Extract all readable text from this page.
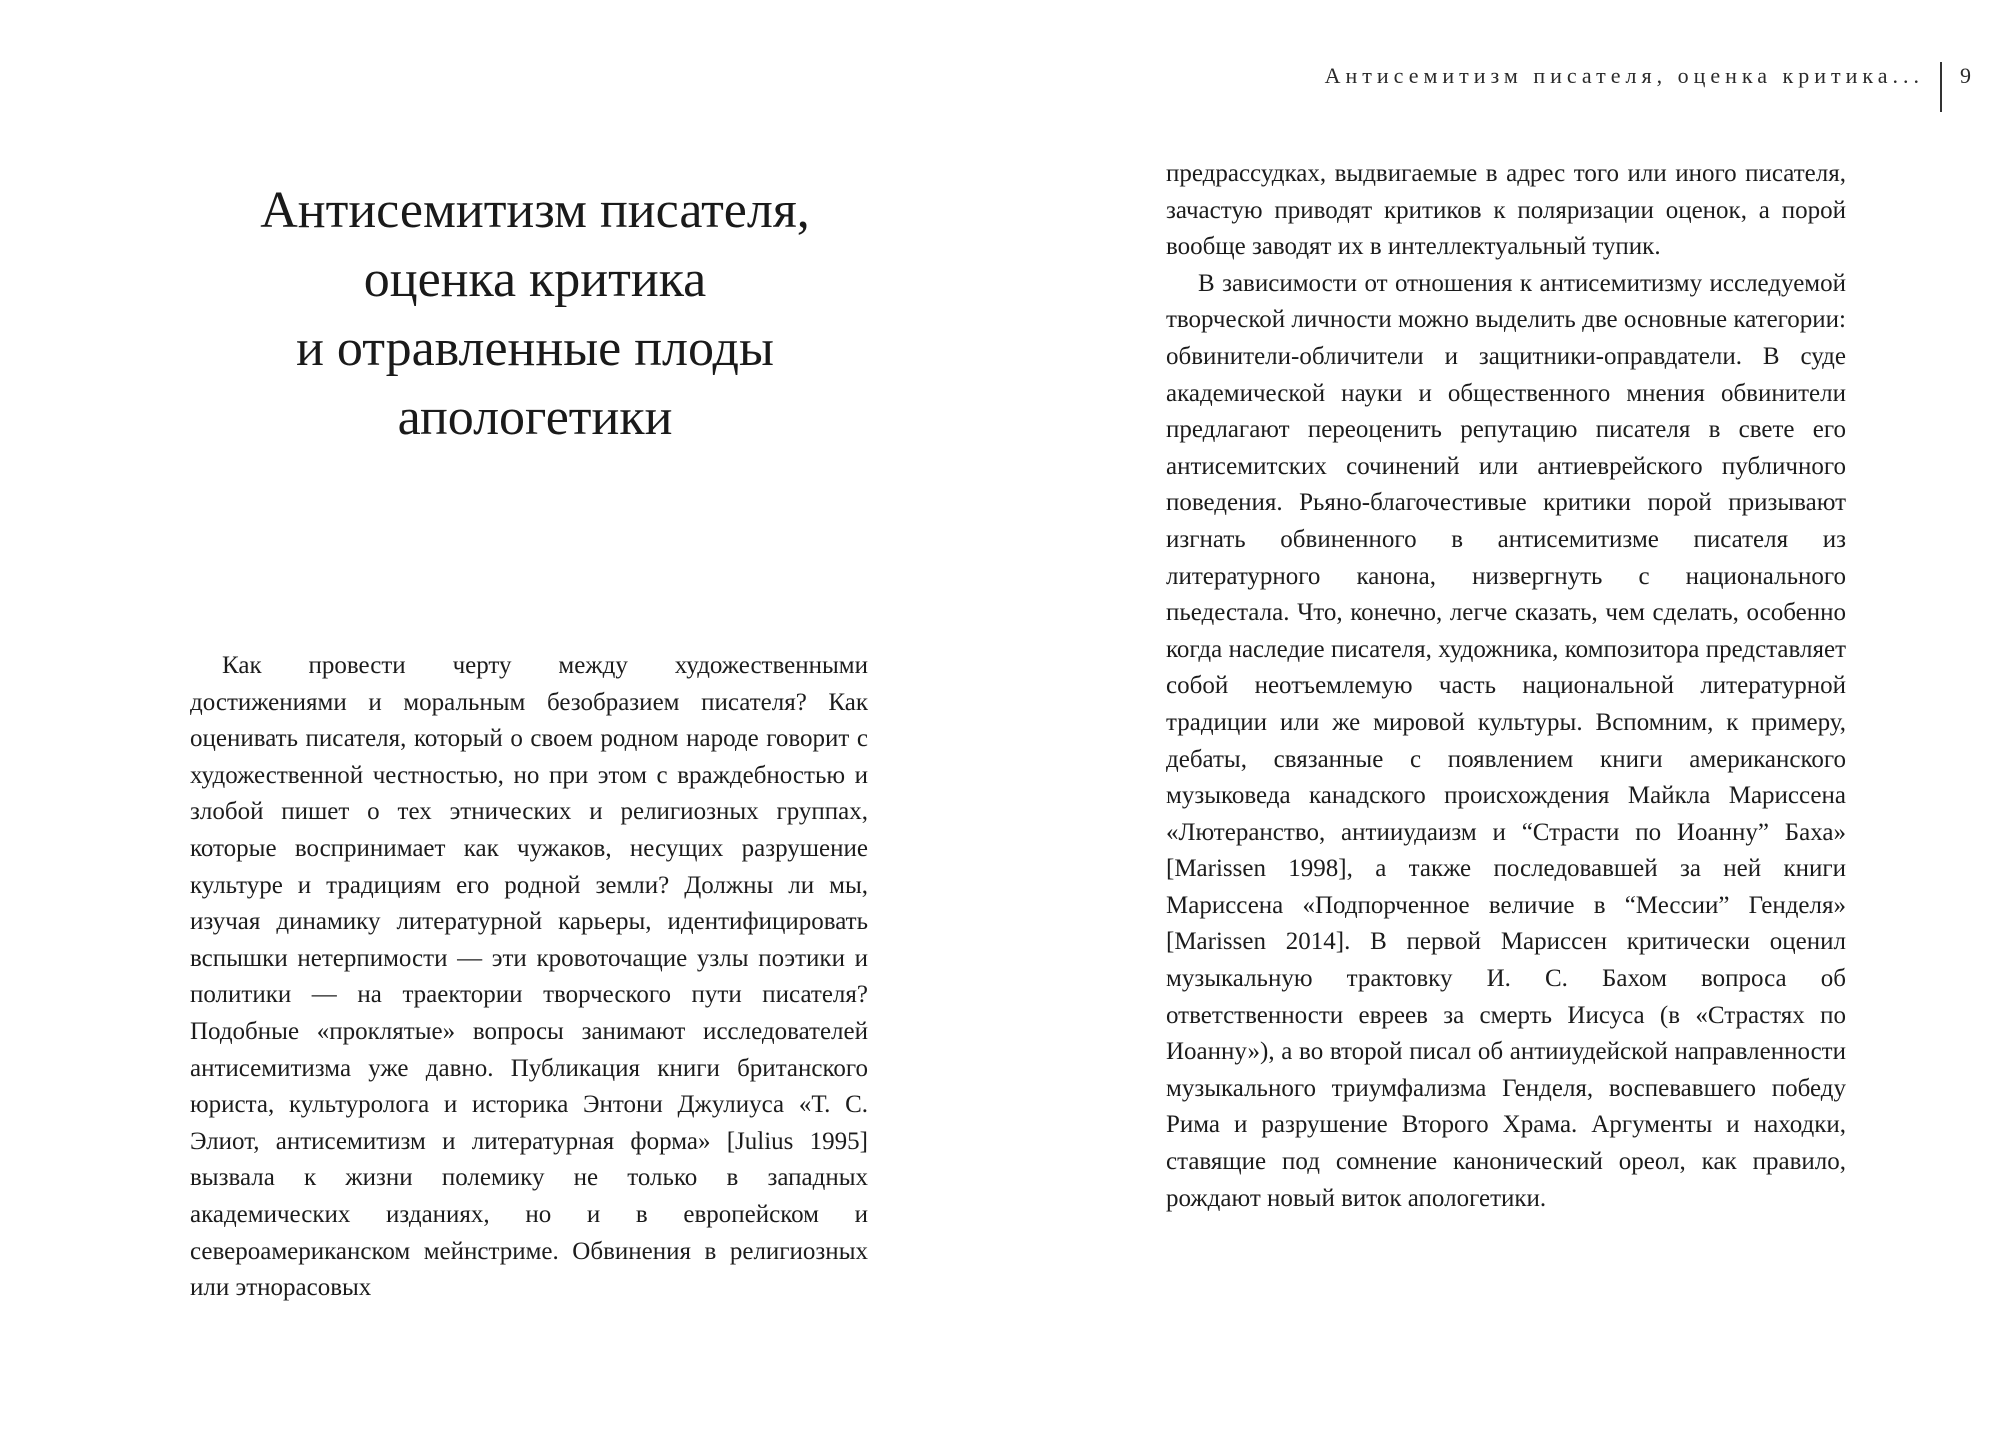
Антисемитизм писателя,
оценка критика
и отравленные плоды
апологетики

Как провести черту между художественными достижениями и моральным безобразием писателя? Как оценивать писателя, который о своем родном народе говорит с художественной честностью, но при этом с враждебностью и злобой пишет о тех этнических и религиозных группах, которые воспринимает как чужаков, несущих разрушение культуре и традициям его родной земли? Должны ли мы, изучая динамику литературной карьеры, идентифицировать вспышки нетерпимости — эти кровоточащие узлы поэтики и политики — на траектории творческого пути писателя? Подобные «проклятые» вопросы занимают исследователей антисемитизма уже давно. Публикация книги британского юриста, культуролога и историка Энтони Джулиуса «Т. С. Элиот, антисемитизм и литературная форма» [Julius 1995] вызвала к жизни полемику не только в западных академических изданиях, но и в европейском и североамериканском мейнстриме. Обвинения в религиозных или этнорасовых

Антисемитизм писателя, оценка критика...	9

предрассудках, выдвигаемые в адрес того или иного писателя, зачастую приводят критиков к поляризации оценок, а порой вообще заводят их в интеллектуальный тупик.

В зависимости от отношения к антисемитизму исследуемой творческой личности можно выделить две основные категории: обвинители-обличители и защитники-оправдатели. В суде академической науки и общественного мнения обвинители предлагают переоценить репутацию писателя в свете его антисемитских сочинений или антиеврейского публичного поведения. Рьяно-благочестивые критики порой призывают изгнать обвиненного в антисемитизме писателя из литературного канона, низвергнуть с национального пьедестала. Что, конечно, легче сказать, чем сделать, особенно когда наследие писателя, художника, композитора представляет собой неотъемлемую часть национальной литературной традиции или же мировой культуры. Вспомним, к примеру, дебаты, связанные с появлением книги американского музыковеда канадского происхождения Майкла Мариссена «Лютеранство, антииудаизм и “Страсти по Иоанну” Баха» [Marissen 1998], а также последовавшей за ней книги Мариссена «Подпорченное величие в “Мессии” Генделя» [Marissen 2014]. В первой Мариссен критически оценил музыкальную трактовку И. С. Бахом вопроса об ответственности евреев за смерть Иисуса (в «Страстях по Иоанну»), а во второй писал об антииудейской направленности музыкального триумфализма Генделя, воспевавшего победу Рима и разрушение Второго Храма. Аргументы и находки, ставящие под сомнение канонический ореол, как правило, рождают новый виток апологетики.
